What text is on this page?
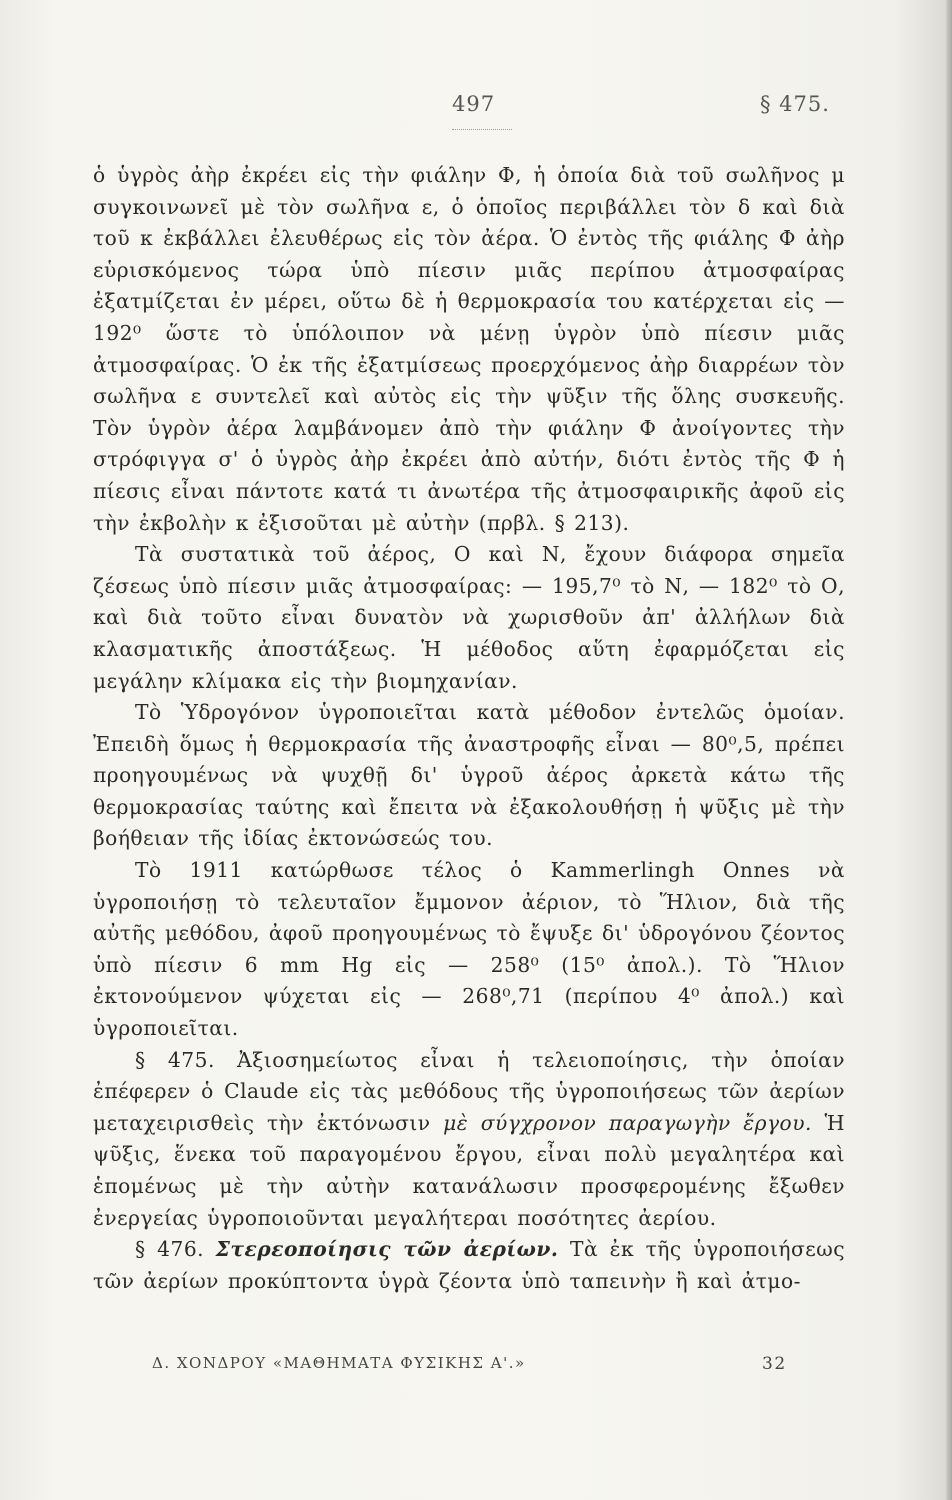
497	§ 475.

ὁ ὑγρὸς ἀὴρ ἐκρέει εἰς τὴν φιάλην Φ, ἡ ὁποία διὰ τοῦ σωλῆνος μ συγκοινωνεῖ μὲ τὸν σωλῆνα ε, ὁ ὁποῖος περιβάλλει τὸν δ καὶ διὰ τοῦ κ ἐκβάλλει ἐλευθέρως εἰς τὸν ἀέρα. Ὁ ἐντὸς τῆς φιάλης Φ ἀὴρ εὑρισκόμενος τώρα ὑπὸ πίεσιν μιᾶς περίπου ἀτμοσφαίρας ἐξατμίζεται ἐν μέρει, οὕτω δὲ ἡ θερμοκρασία του κατέρχεται εἰς — 192⁰ ὥστε τὸ ὑπόλοιπον νὰ μένῃ ὑγρὸν ὑπὸ πίεσιν μιᾶς ἀτμοσφαίρας. Ὁ ἐκ τῆς ἐξατμίσεως προερχόμενος ἀὴρ διαρρέων τὸν σωλῆνα ε συντελεῖ καὶ αὐτὸς εἰς τὴν ψῦξιν τῆς ὅλης συσκευῆς. Τὸν ὑγρὸν ἀέρα λαμβάνομεν ἀπὸ τὴν φιάλην Φ ἀνοίγοντες τὴν στρόφιγγα σ' ὁ ὑγρὸς ἀὴρ ἐκρέει ἀπὸ αὐτήν, διότι ἐντὸς τῆς Φ ἡ πίεσις εἶναι πάντοτε κατά τι ἀνωτέρα τῆς ἀτμοσφαιρικῆς ἀφοῦ εἰς τὴν ἐκβολὴν κ ἐξισοῦται μὲ αὐτὴν (πρβλ. § 213).

Τὰ συστατικὰ τοῦ ἀέρος, Ο καὶ Ν, ἔχουν διάφορα σημεῖα ζέσεως ὑπὸ πίεσιν μιᾶς ἀτμοσφαίρας: — 195,7⁰ τὸ Ν, — 182⁰ τὸ Ο, καὶ διὰ τοῦτο εἶναι δυνατὸν νὰ χωρισθοῦν ἀπ' ἀλλήλων διὰ κλασματικῆς ἀποστάξεως. Ἡ μέθοδος αὕτη ἐφαρμόζεται εἰς μεγάλην κλίμακα εἰς τὴν βιομηχανίαν.

Τὸ Ὑδρογόνον ὑγροποιεῖται κατὰ μέθοδον ἐντελῶς ὁμοίαν. Ἐπειδὴ ὅμως ἡ θερμοκρασία τῆς ἀναστροφῆς εἶναι — 80⁰,5, πρέπει προηγουμένως νὰ ψυχθῇ δι' ὑγροῦ ἀέρος ἀρκετὰ κάτω τῆς θερμοκρασίας ταύτης καὶ ἔπειτα νὰ ἐξακολουθήσῃ ἡ ψῦξις μὲ τὴν βοήθειαν τῆς ἰδίας ἐκτονώσεώς του.

Τὸ 1911 κατώρθωσε τέλος ὁ Kammerlingh Onnes νὰ ὑγροποιήσῃ τὸ τελευταῖον ἔμμονον ἀέριον, τὸ Ἥλιον, διὰ τῆς αὐτῆς μεθόδου, ἀφοῦ προηγουμένως τὸ ἔψυξε δι' ὑδρογόνου ζέοντος ὑπὸ πίεσιν 6 mm Hg εἰς — 258⁰ (15⁰ ἀπολ.). Τὸ Ἥλιον ἐκτονούμενον ψύχεται εἰς — 268⁰,71 (περίπου 4⁰ ἀπολ.) καὶ ὑγροποιεῖται.

§ 475. Ἀξιοσημείωτος εἶναι ἡ τελειοποίησις, τὴν ὁποίαν ἐπέφερεν ὁ Claude εἰς τὰς μεθόδους τῆς ὑγροποιήσεως τῶν ἀερίων μεταχειρισθεὶς τὴν ἐκτόνωσιν μὲ σύγχρονον παραγωγὴν ἔργου. Ἡ ψῦξις, ἕνεκα τοῦ παραγομένου ἔργου, εἶναι πολὺ μεγαλητέρα καὶ ἑπομένως μὲ τὴν αὐτὴν κατανάλωσιν προσφερομένης ἔξωθεν ἐνεργείας ὑγροποιοῦνται μεγαλήτεραι ποσότητες ἀερίου.

§ 476. Στερεοποίησις τῶν ἀερίων. Τὰ ἐκ τῆς ὑγροποιήσεως τῶν ἀερίων προκύπτοντα ὑγρὰ ζέοντα ὑπὸ ταπεινὴν ἢ καὶ ἀτμο-

Δ. ΧΟΝΔΡΟΥ «ΜΑΘΗΜΑΤΑ ΦΥΣΙΚΗΣ Α'.»	32
